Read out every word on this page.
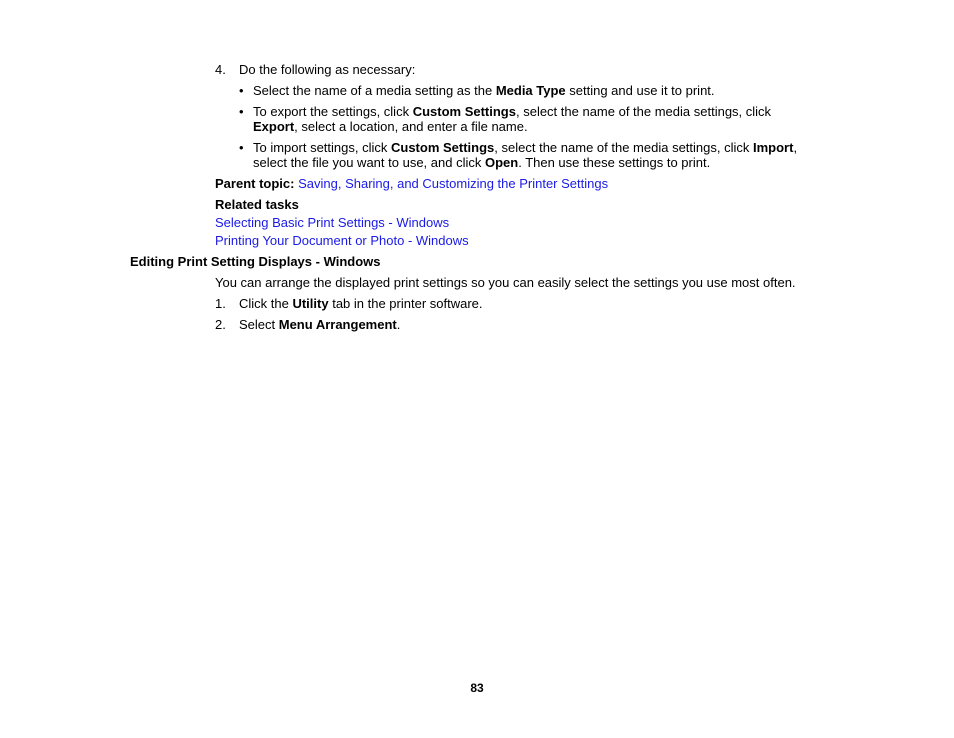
4. Do the following as necessary:
• Select the name of a media setting as the Media Type setting and use it to print.
• To export the settings, click Custom Settings, select the name of the media settings, click
Export, select a location, and enter a file name.
• To import settings, click Custom Settings, select the name of the media settings, click Import,
select the file you want to use, and click Open. Then use these settings to print.
Parent topic: Saving, Sharing, and Customizing the Printer Settings
Related tasks
Selecting Basic Print Settings - Windows
Printing Your Document or Photo - Windows
Editing Print Setting Displays - Windows
You can arrange the displayed print settings so you can easily select the settings you use most often.
1. Click the Utility tab in the printer software.
2. Select Menu Arrangement.
83
